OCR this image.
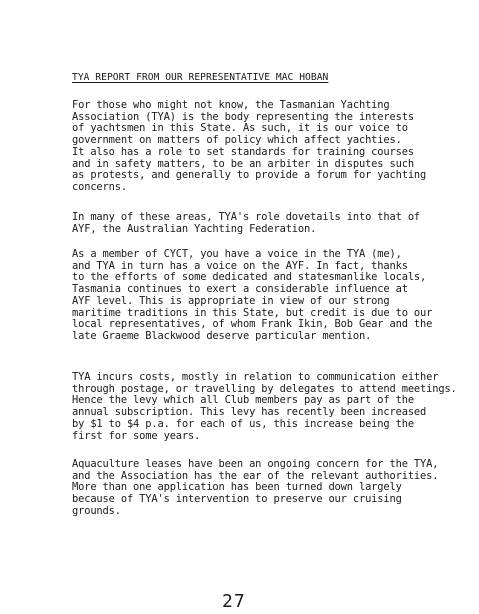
TYA REPORT FROM OUR REPRESENTATIVE MAC HOBAN
For those who might not know, the Tasmanian Yachting
Association (TYA) is the body representing the interests
of yachtsmen in this State. As such, it is our voice to
government on matters of policy which affect yachties.
It also has a role to set standards for training courses
and in safety matters, to be an arbiter in disputes such
as protests, and generally to provide a forum for yachting
concerns.
In many of these areas, TYA's role dovetails into that of
AYF, the Australian Yachting Federation.
As a member of CYCT, you have a voice in the TYA (me),
and TYA in turn has a voice on the AYF. In fact, thanks
to the efforts of some dedicated and statesmanlike locals,
Tasmania continues to exert a considerable influence at
AYF level. This is appropriate in view of our strong
maritime traditions in this State, but credit is due to our
local representatives, of whom Frank Ikin, Bob Gear and the
late Graeme Blackwood deserve particular mention.
TYA incurs costs, mostly in relation to communication either
through postage, or travelling by delegates to attend meetings.
Hence the levy which all Club members pay as part of the
annual subscription. This levy has recently been increased
by $1 to $4 p.a. for each of us, this increase being the
first for some years.
Aquaculture leases have been an ongoing concern for the TYA,
and the Association has the ear of the relevant authorities.
More than one application has been turned down largely
because of TYA's intervention to preserve our cruising
grounds.
27
